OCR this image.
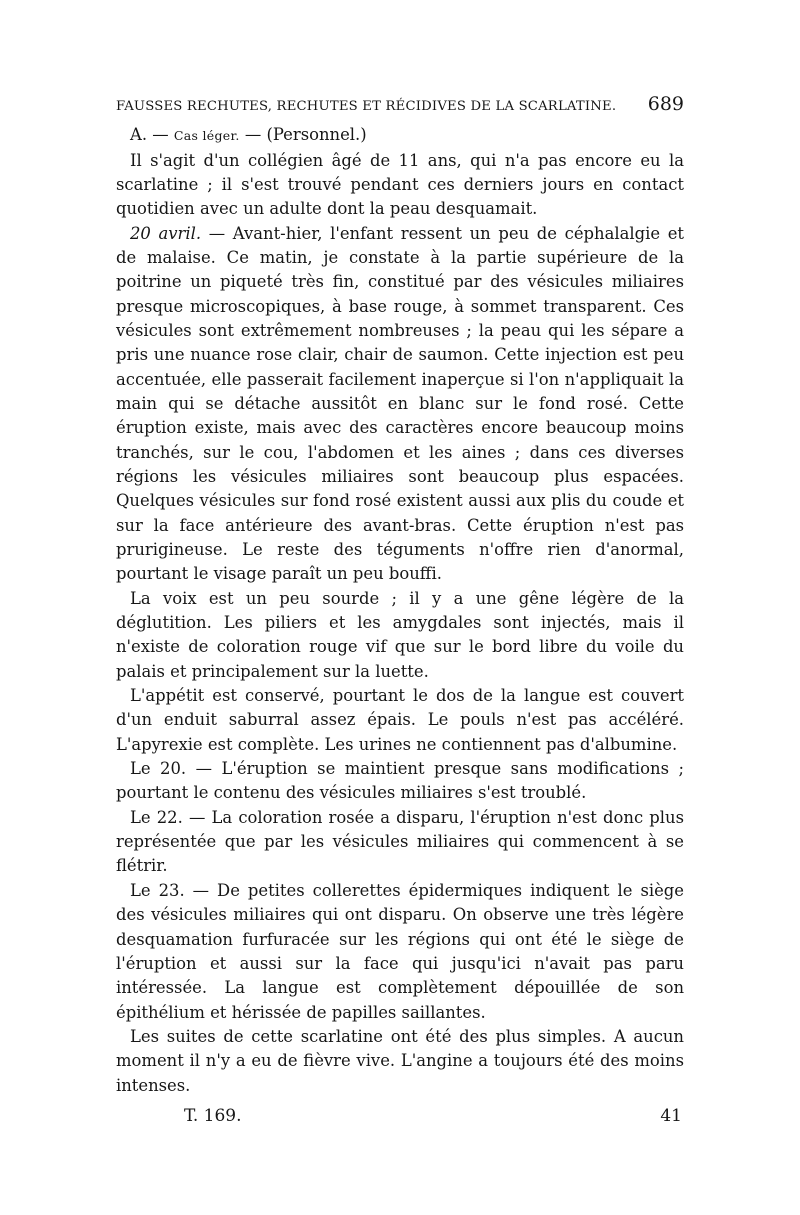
FAUSSES RECHUTES, RECHUTES ET RÉCIDIVES DE LA SCARLATINE. 689

A. — Cas léger. — (Personnel.)

Il s'agit d'un collégien âgé de 11 ans, qui n'a pas encore eu la scarlatine ; il s'est trouvé pendant ces derniers jours en contact quotidien avec un adulte dont la peau desquamait.

20 avril. — Avant-hier, l'enfant ressent un peu de céphalalgie et de malaise. Ce matin, je constate à la partie supérieure de la poitrine un piqueté très fin, constitué par des vésicules miliaires presque microscopiques, à base rouge, à sommet transparent. Ces vésicules sont extrêmement nombreuses ; la peau qui les sépare a pris une nuance rose clair, chair de saumon. Cette injection est peu accentuée, elle passerait facilement inaperçue si l'on n'appliquait la main qui se détache aussitôt en blanc sur le fond rosé. Cette éruption existe, mais avec des caractères encore beaucoup moins tranchés, sur le cou, l'abdomen et les aines ; dans ces diverses régions les vésicules miliaires sont beaucoup plus espacées. Quelques vésicules sur fond rosé existent aussi aux plis du coude et sur la face antérieure des avant-bras. Cette éruption n'est pas prurigineuse. Le reste des téguments n'offre rien d'anormal, pourtant le visage paraît un peu bouffi.

La voix est un peu sourde ; il y a une gêne légère de la déglutition. Les piliers et les amygdales sont injectés, mais il n'existe de coloration rouge vif que sur le bord libre du voile du palais et principalement sur la luette.

L'appétit est conservé, pourtant le dos de la langue est couvert d'un enduit saburral assez épais. Le pouls n'est pas accéléré. L'apyrexie est complète. Les urines ne contiennent pas d'albumine.

Le 20. — L'éruption se maintient presque sans modifications ; pourtant le contenu des vésicules miliaires s'est troublé.

Le 22. — La coloration rosée a disparu, l'éruption n'est donc plus représentée que par les vésicules miliaires qui commencent à se flétrir.

Le 23. — De petites collerettes épidermiques indiquent le siège des vésicules miliaires qui ont disparu. On observe une très légère desquamation furfuracée sur les régions qui ont été le siège de l'éruption et aussi sur la face qui jusqu'ici n'avait pas paru intéressée. La langue est complètement dépouillée de son épithélium et hérissée de papilles saillantes.

Les suites de cette scarlatine ont été des plus simples. A aucun moment il n'y a eu de fièvre vive. L'angine a toujours été des moins intenses.

T. 169.	41
